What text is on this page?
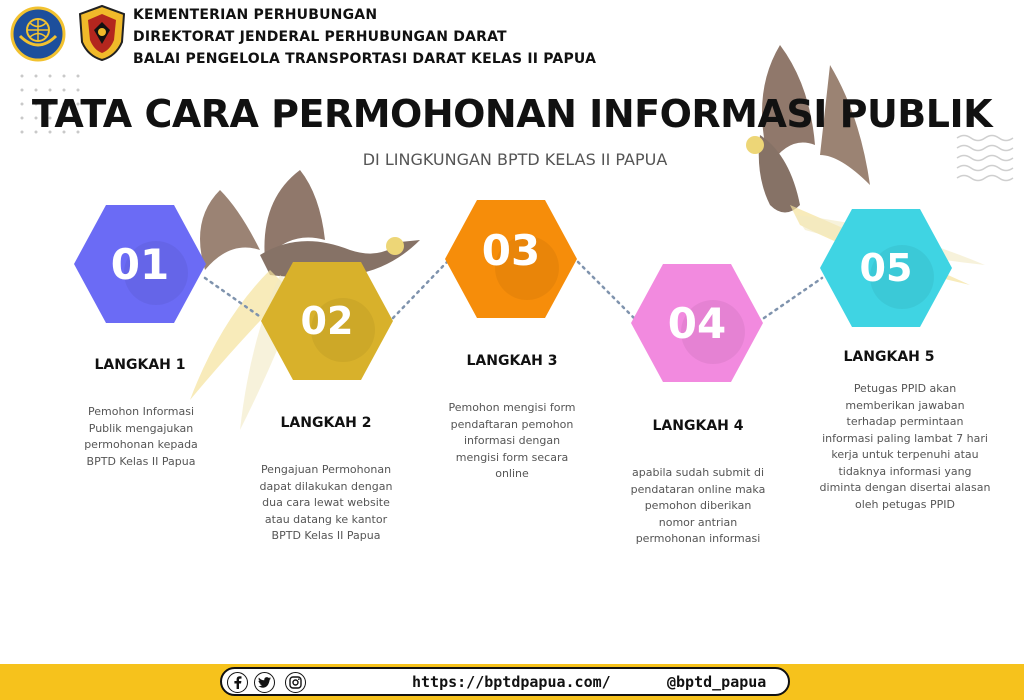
KEMENTERIAN PERHUBUNGAN
DIREKTORAT JENDERAL PERHUBUNGAN DARAT
BALAI PENGELOLA TRANSPORTASI DARAT KELAS II PAPUA
TATA CARA PERMOHONAN INFORMASI PUBLIK
DI LINGKUNGAN BPTD KELAS II PAPUA
01
02
03
04
05
LANGKAH 1
LANGKAH 2
LANGKAH 3
LANGKAH 4
LANGKAH 5
Pemohon Informasi
Publik mengajukan
permohonan kepada
BPTD Kelas II Papua
Pengajuan Permohonan
dapat dilakukan dengan
dua cara lewat website
atau datang ke kantor
BPTD Kelas II Papua
Pemohon mengisi form
pendaftaran pemohon
informasi dengan
mengisi form secara
online	apabila sudah submit di
pendataran online maka
pemohon diberikan
nomor antrian
permohonan informasi
Petugas PPID akan
memberikan jawaban
terhadap permintaan
informasi paling lambat 7 hari
kerja untuk terpenuhi atau
tidaknya informasi yang
diminta dengan disertai alasan
oleh petugas PPID
https://bptdpapua.com/	@bptd_papua
